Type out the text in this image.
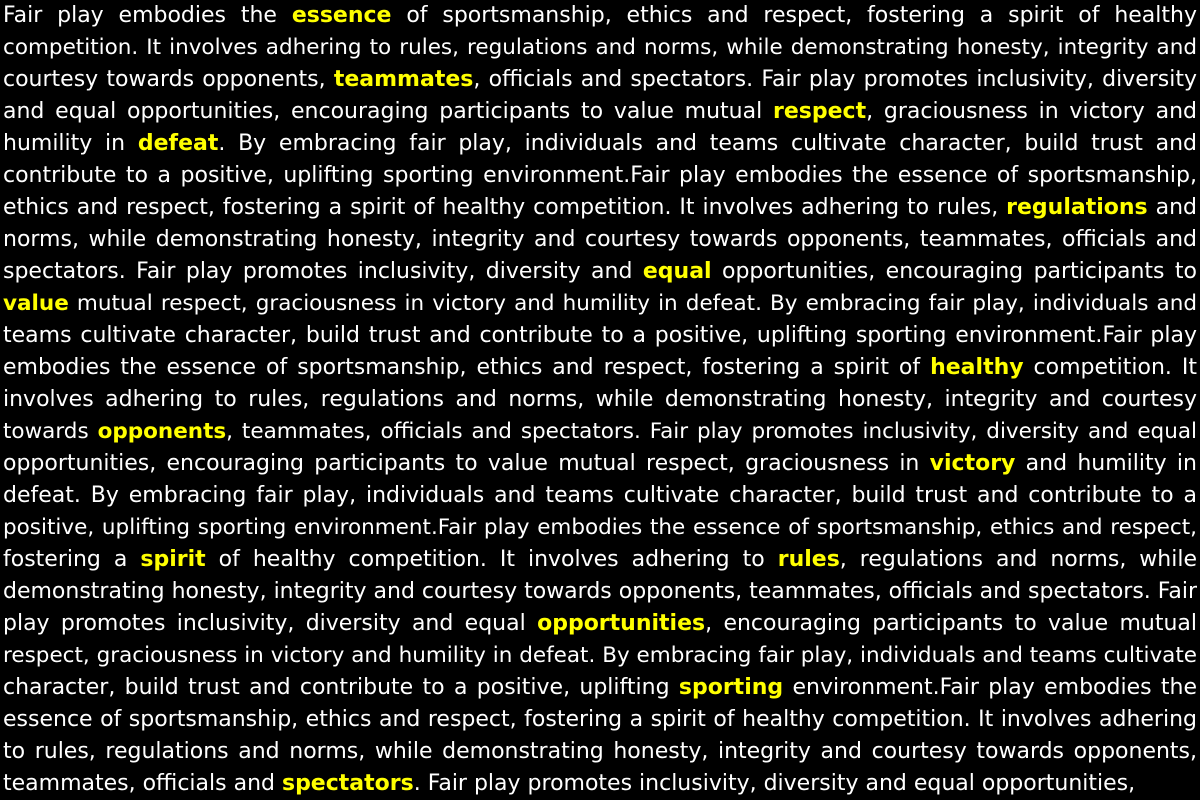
Fair play embodies the essence of sportsmanship, ethics and respect, fostering a spirit of healthy
competition. It involves adhering to rules, regulations and norms, while demonstrating honesty, integrity and
courtesy towards opponents, teammates, officials and spectators. Fair play promotes inclusivity, diversity
and equal opportunities, encouraging participants to value mutual respect, graciousness in victory and
humility in defeat. By embracing fair play, individuals and teams cultivate character, build trust and
contribute to a positive, uplifting sporting environment.Fair play embodies the essence of sportsmanship,
ethics and respect, fostering a spirit of healthy competition. It involves adhering to rules, regulations and
norms, while demonstrating honesty, integrity and courtesy towards opponents, teammates, officials and
spectators. Fair play promotes inclusivity, diversity and equal opportunities, encouraging participants to
value mutual respect, graciousness in victory and humility in defeat. By embracing fair play, individuals and
teams cultivate character, build trust and contribute to a positive, uplifting sporting environment.Fair play
embodies the essence of sportsmanship, ethics and respect, fostering a spirit of healthy competition. It
involves adhering to rules, regulations and norms, while demonstrating honesty, integrity and courtesy
towards opponents, teammates, officials and spectators. Fair play promotes inclusivity, diversity and equal
opportunities, encouraging participants to value mutual respect, graciousness in victory and humility in
defeat. By embracing fair play, individuals and teams cultivate character, build trust and contribute to a
positive, uplifting sporting environment.Fair play embodies the essence of sportsmanship, ethics and respect,
fostering a spirit of healthy competition. It involves adhering to rules, regulations and norms, while
demonstrating honesty, integrity and courtesy towards opponents, teammates, officials and spectators. Fair
play promotes inclusivity, diversity and equal opportunities, encouraging participants to value mutual
respect, graciousness in victory and humility in defeat. By embracing fair play, individuals and teams cultivate
character, build trust and contribute to a positive, uplifting sporting environment.Fair play embodies the
essence of sportsmanship, ethics and respect, fostering a spirit of healthy competition. It involves adhering
to rules, regulations and norms, while demonstrating honesty, integrity and courtesy towards opponents,
teammates, officials and spectators. Fair play promotes inclusivity, diversity and equal opportunities,
